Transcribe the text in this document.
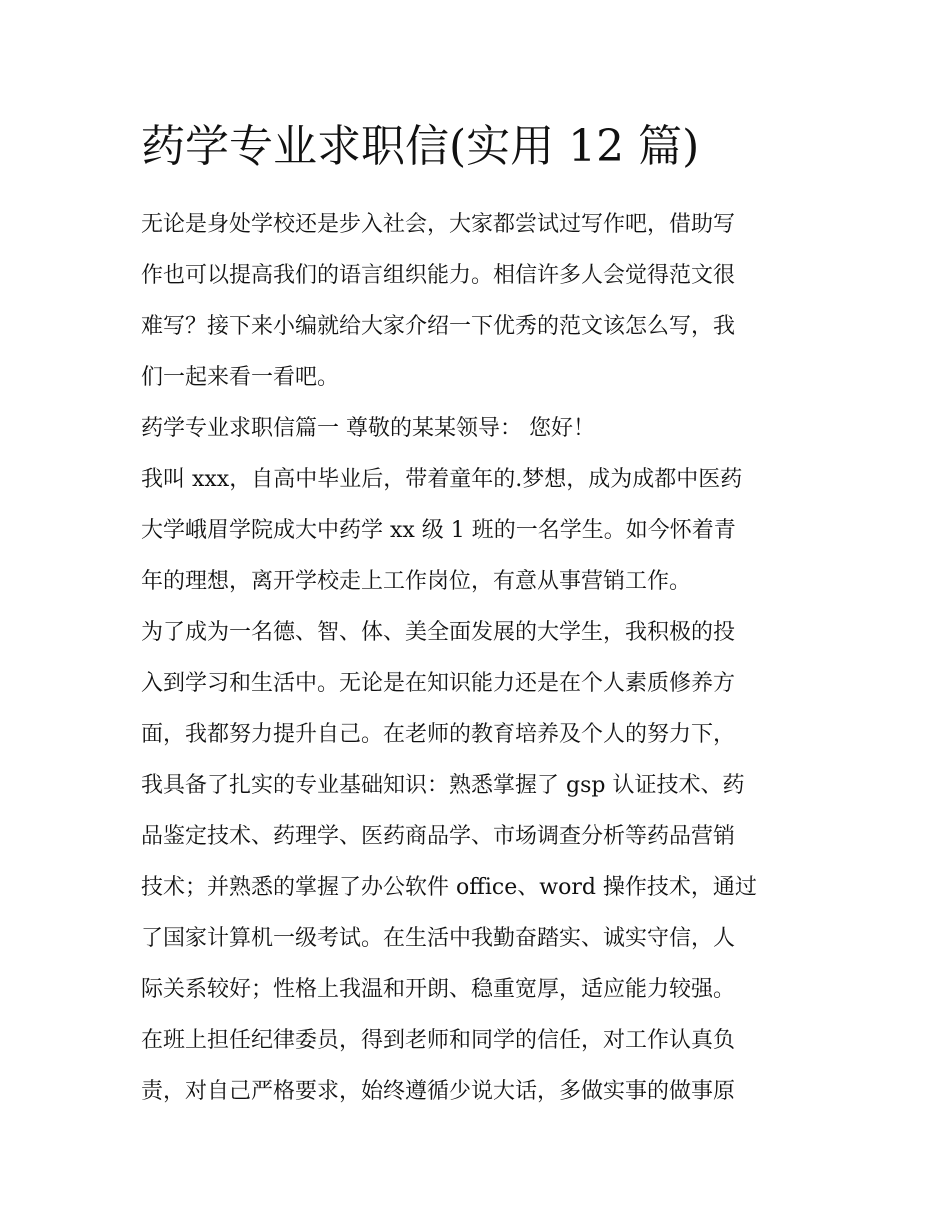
药学专业求职信(实用 12 篇)
无论是身处学校还是步入社会，大家都尝试过写作吧，借助写
作也可以提高我们的语言组织能力。相信许多人会觉得范文很
难写？接下来小编就给大家介绍一下优秀的范文该怎么写，我
们一起来看一看吧。
药学专业求职信篇一 尊敬的某某领导： 您好！
我叫 xxx，自高中毕业后，带着童年的.梦想，成为成都中医药
大学峨眉学院成大中药学 xx 级 1 班的一名学生。如今怀着青
年的理想，离开学校走上工作岗位，有意从事营销工作。
为了成为一名德、智、体、美全面发展的大学生，我积极的投
入到学习和生活中。无论是在知识能力还是在个人素质修养方
面，我都努力提升自己。在老师的教育培养及个人的努力下，
我具备了扎实的专业基础知识：熟悉掌握了 gsp 认证技术、药
品鉴定技术、药理学、医药商品学、市场调查分析等药品营销
技术；并熟悉的掌握了办公软件 office、word 操作技术，通过
了国家计算机一级考试。在生活中我勤奋踏实、诚实守信，人
际关系较好；性格上我温和开朗、稳重宽厚，适应能力较强。
在班上担任纪律委员，得到老师和同学的信任，对工作认真负
责，对自己严格要求，始终遵循少说大话，多做实事的做事原
